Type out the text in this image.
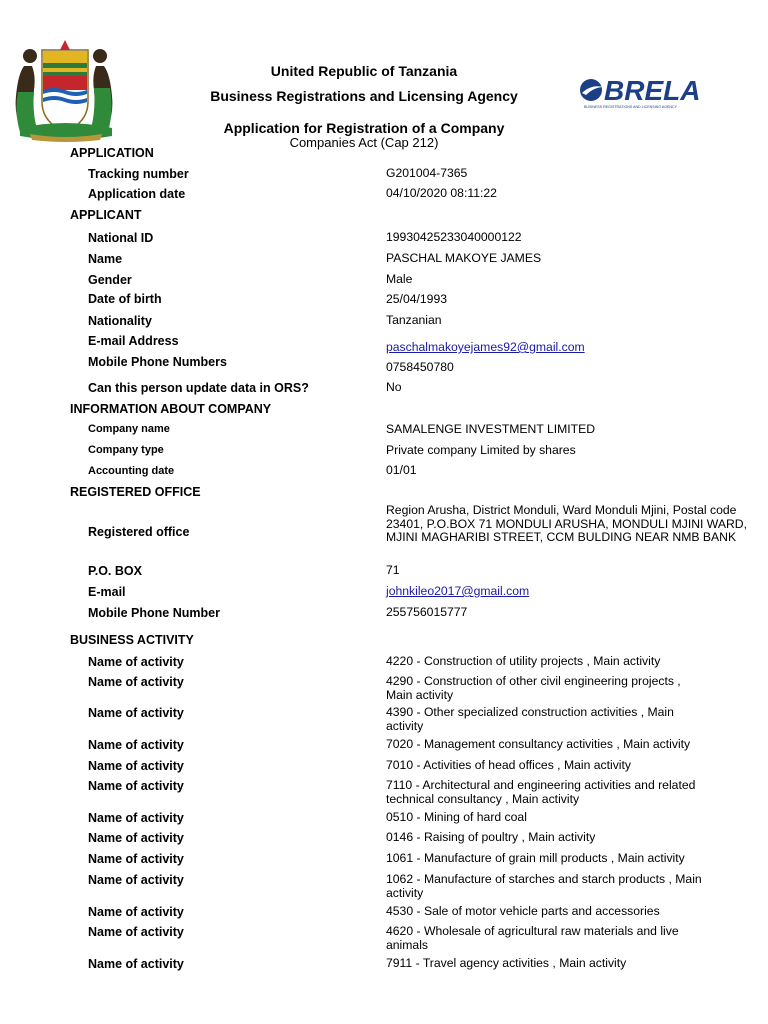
BRELA
BUSINESS REGISTRATIONS AND LICENSING AGENCY
United Republic of Tanzania
Business Registrations and Licensing Agency
Application for Registration of a Company
Companies Act (Cap 212)
APPLICATION
Tracking number	G201004-7365
Application date	04/10/2020 08:11:22
APPLICANT
National ID	19930425233040000122
Name	PASCHAL MAKOYE JAMES
Gender	Male
Date of birth	25/04/1993
Nationality	Tanzanian
E-mail Address	paschalmakoyejames92@gmail.com
Mobile Phone Numbers	0758450780
Can this person update data in ORS?	No
INFORMATION ABOUT COMPANY
Company name	SAMALENGE INVESTMENT LIMITED
Company type	Private company Limited by shares
Accounting date	01/01
REGISTERED OFFICE
Registered office
Region Arusha, District Monduli, Ward Monduli Mjini, Postal code 23401, P.O.BOX 71 MONDULI ARUSHA, MONDULI MJINI WARD, MJINI MAGHARIBI STREET, CCM BULDING NEAR NMB BANK
P.O. BOX	71
E-mail	johnkileo2017@gmail.com
Mobile Phone Number	255756015777
BUSINESS ACTIVITY
Name of activity	4220 - Construction of utility projects , Main activity
Name of activity	4290 - Construction of other civil engineering projects , Main activity
Name of activity	4390 - Other specialized construction activities , Main activity
Name of activity	7020 - Management consultancy activities , Main activity
Name of activity	7010 - Activities of head offices , Main activity
Name of activity	7110 - Architectural and engineering activities and related technical consultancy , Main activity
Name of activity	0510 - Mining of hard coal
Name of activity	0146 - Raising of poultry , Main activity
Name of activity	1061 - Manufacture of grain mill products , Main activity
Name of activity	1062 - Manufacture of starches and starch products , Main activity
Name of activity	4530 - Sale of motor vehicle parts and accessories
Name of activity	4620 - Wholesale of agricultural raw materials and live animals
Name of activity	7911 - Travel agency activities , Main activity
